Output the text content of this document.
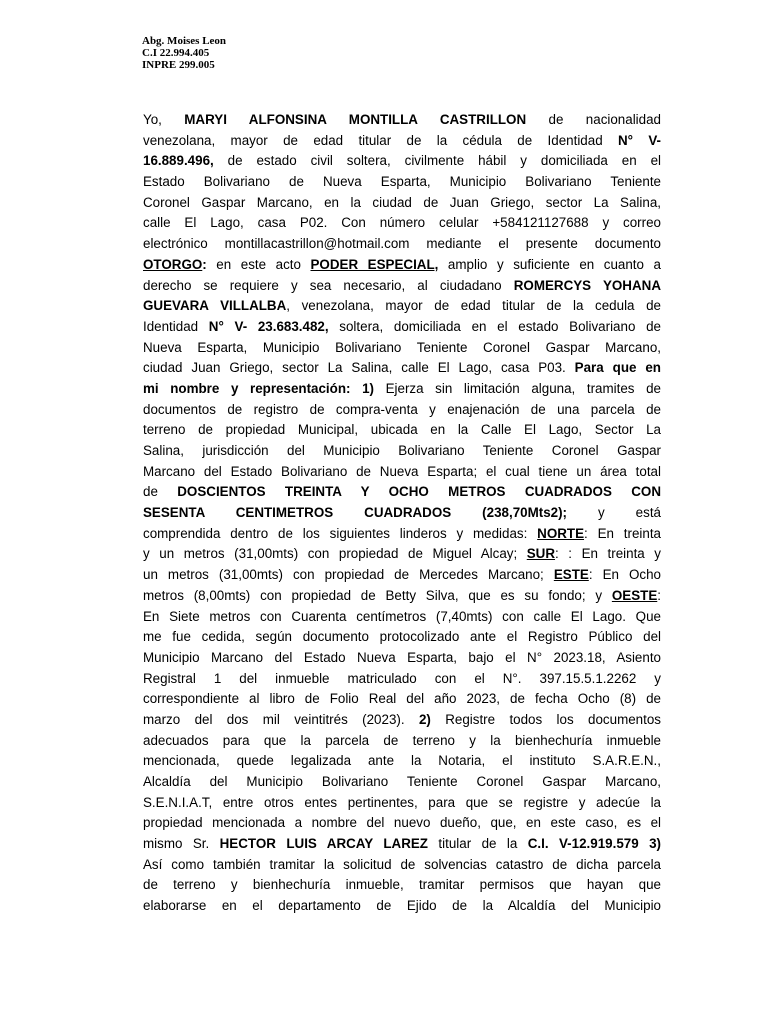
Abg. Moises Leon
C.I 22.994.405
INPRE 299.005
Yo, MARYI ALFONSINA MONTILLA CASTRILLON de nacionalidad
venezolana, mayor de edad titular de la cédula de Identidad N° V-
16.889.496, de estado civil soltera, civilmente hábil y domiciliada en el
Estado Bolivariano de Nueva Esparta, Municipio Bolivariano Teniente
Coronel Gaspar Marcano, en la ciudad de Juan Griego, sector La Salina,
calle El Lago, casa P02. Con número celular +584121127688 y correo
electrónico montillacastrillon@hotmail.com mediante el presente documento
OTORGO: en este acto PODER ESPECIAL, amplio y suficiente en cuanto a
derecho se requiere y sea necesario, al ciudadano ROMERCYS YOHANA
GUEVARA VILLALBA, venezolana, mayor de edad titular de la cedula de
Identidad N° V- 23.683.482, soltera, domiciliada en el estado Bolivariano de
Nueva Esparta, Municipio Bolivariano Teniente Coronel Gaspar Marcano,
ciudad Juan Griego, sector La Salina, calle El Lago, casa P03. Para que en
mi nombre y representación: 1) Ejerza sin limitación alguna, tramites de
documentos de registro de compra-venta y enajenación de una parcela de
terreno de propiedad Municipal, ubicada en la Calle El Lago, Sector La
Salina, jurisdicción del Municipio Bolivariano Teniente Coronel Gaspar
Marcano del Estado Bolivariano de Nueva Esparta; el cual tiene un área total
de DOSCIENTOS TREINTA Y OCHO METROS CUADRADOS CON
SESENTA CENTIMETROS CUADRADOS (238,70Mts2); y está
comprendida dentro de los siguientes linderos y medidas: NORTE: En treinta
y un metros (31,00mts) con propiedad de Miguel Alcay; SUR: : En treinta y
un metros (31,00mts) con propiedad de Mercedes Marcano; ESTE: En Ocho
metros (8,00mts) con propiedad de Betty Silva, que es su fondo; y OESTE:
En Siete metros con Cuarenta centímetros (7,40mts) con calle El Lago. Que
me fue cedida, según documento protocolizado ante el Registro Público del
Municipio Marcano del Estado Nueva Esparta, bajo el N° 2023.18, Asiento
Registral 1 del inmueble matriculado con el N°. 397.15.5.1.2262 y
correspondiente al libro de Folio Real del año 2023, de fecha Ocho (8) de
marzo del dos mil veintitrés (2023). 2) Registre todos los documentos
adecuados para que la parcela de terreno y la bienhechuría inmueble
mencionada, quede legalizada ante la Notaria, el instituto S.A.R.E.N.,
Alcaldía del Municipio Bolivariano Teniente Coronel Gaspar Marcano,
S.E.N.I.A.T, entre otros entes pertinentes, para que se registre y adecúe la
propiedad mencionada a nombre del nuevo dueño, que, en este caso, es el
mismo Sr. HECTOR LUIS ARCAY LAREZ titular de la C.I. V-12.919.579 3)
Así como también tramitar la solicitud de solvencias catastro de dicha parcela
de terreno y bienhechuría inmueble, tramitar permisos que hayan que
elaborarse en el departamento de Ejido de la Alcaldía del Municipio
